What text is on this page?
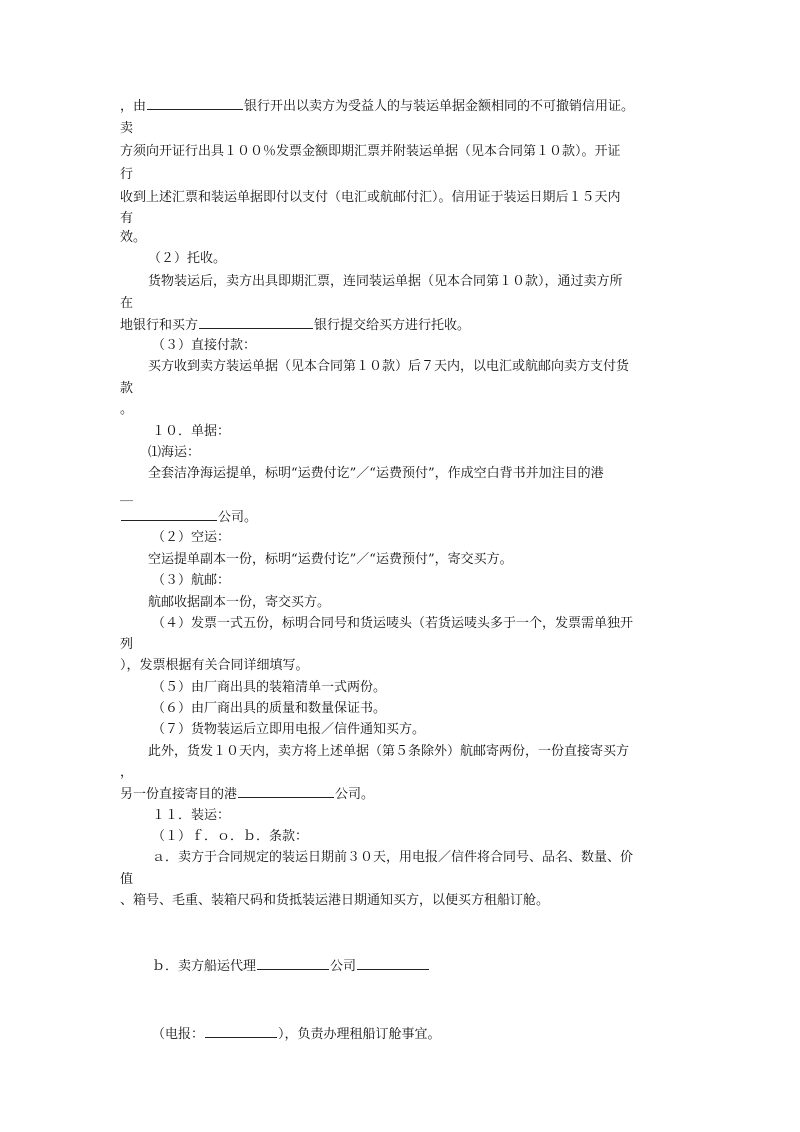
，由	银行开出以卖方为受益人的与装运单据金额相同的不可撤销信用证。
卖
方须向开证行出具１００％发票金额即期汇票并附装运单据（见本合同第１０款）。开证
行
收到上述汇票和装运单据即付以支付（电汇或航邮付汇）。信用证于装运日期后１５天内
有
效。
（２）托收。
货物装运后，卖方出具即期汇票，连同装运单据（见本合同第１０款），通过卖方所
在
地银行和买方	银行提交给买方进行托收。
（３）直接付款：
买方收到卖方装运单据（见本合同第１０款）后７天内，以电汇或航邮向卖方支付货
款
。
１０．单据：
⑴海运：
全套洁净海运提单，标明“运费付讫”／“运费预付”，作成空白背书并加注目的港
__
公司。
（２）空运：
空运提单副本一份，标明“运费付讫”／“运费预付”，寄交买方。
（３）航邮：
航邮收据副本一份，寄交买方。
（４）发票一式五份，标明合同号和货运唛头（若货运唛头多于一个，发票需单独开
列
），发票根据有关合同详细填写。
（５）由厂商出具的装箱清单一式两份。
（６）由厂商出具的质量和数量保证书。
（７）货物装运后立即用电报／信件通知买方。
此外，货发１０天内，卖方将上述单据（第５条除外）航邮寄两份，一份直接寄买方
，
另一份直接寄目的港	公司。
１１．装运：
（１）ｆ．ｏ．ｂ．条款：
ａ．卖方于合同规定的装运日期前３０天，用电报／信件将合同号、品名、数量、价
值
、箱号、毛重、装箱尺码和货抵装运港日期通知买方，以便买方租船订舱。
ｂ．卖方船运代理	公司
（电报：	），负责办理租船订舱事宜。
